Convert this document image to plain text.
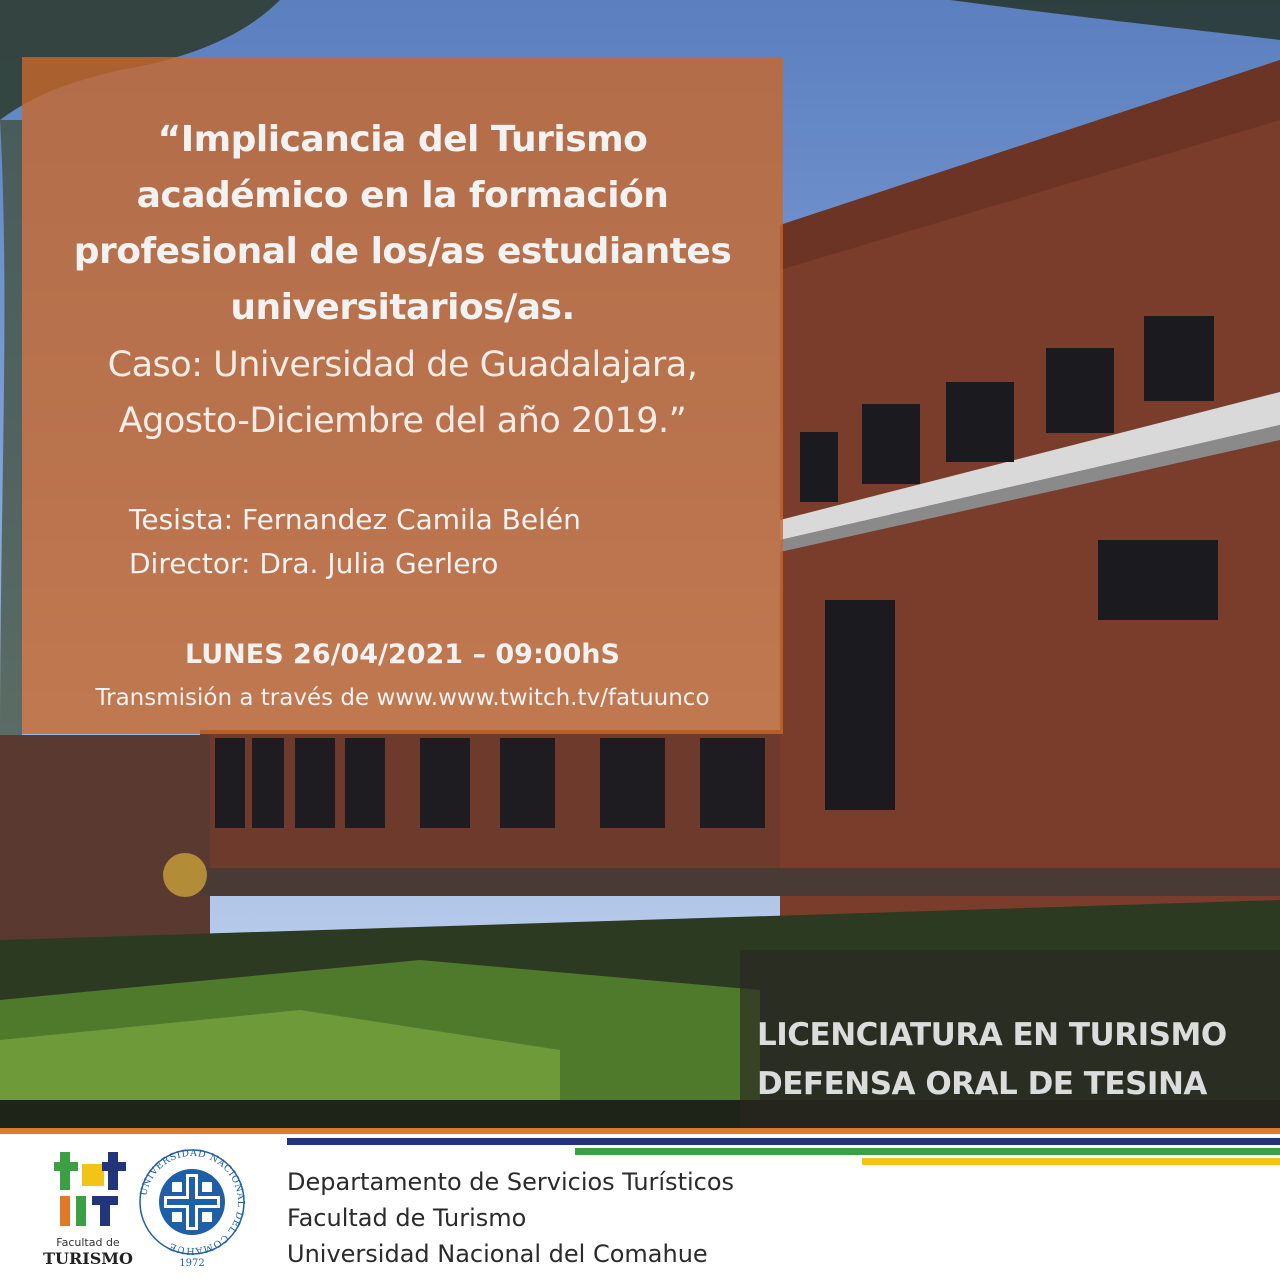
“Implicancia del Turismo
académico en la formación
profesional de los/as estudiantes
universitarios/as.
Caso: Universidad de Guadalajara,
Agosto-Diciembre del año 2019.”
Tesista: Fernandez Camila Belén
Director: Dra. Julia Gerlero
LUNES 26/04/2021 – 09:00hS
Transmisión a través de www.www.twitch.tv/fatuunco
LICENCIATURA EN TURISMO
DEFENSA ORAL DE TESINA
Facultad de
TURISMO
UNIVERSIDAD NACIONAL DEL COMAHUE
1972
Departamento de Servicios Turísticos
Facultad de Turismo
Universidad Nacional del Comahue
